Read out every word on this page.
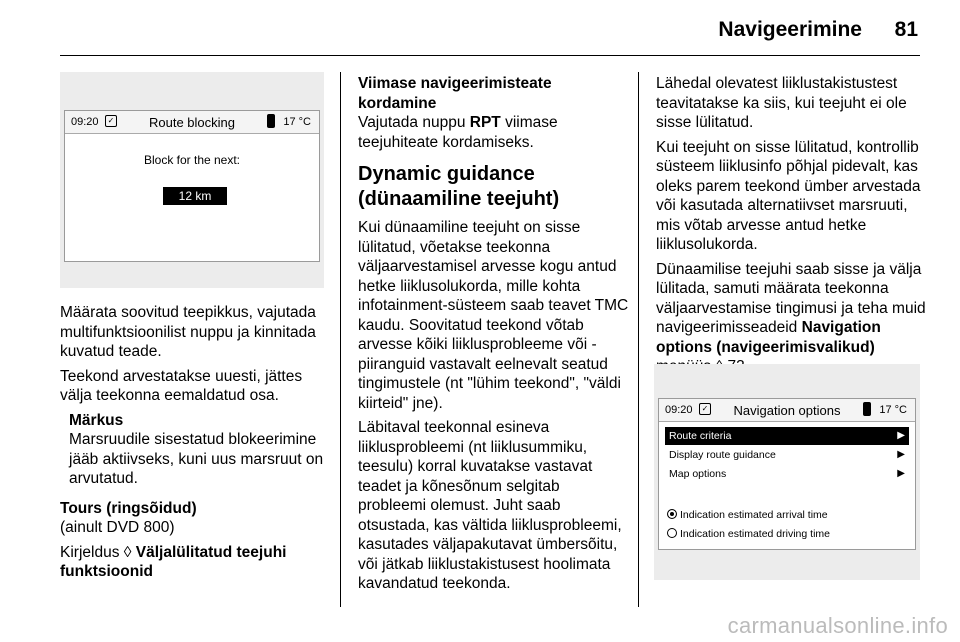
Navigeerimine 81
09:20	✓	Route blocking	17 °C
Block for the next:
12 km

Määrata soovitud teepikkus, vajutada multifunktsioonilist nuppu ja kinnitada kuvatud teade.

Teekond arvestatakse uuesti, jättes välja teekonna eemaldatud osa.

Märkus
Marsruudile sisestatud blokeerimine jääb aktiivseks, kuni uus marsruut on arvutatud.
Tours (ringsõidud)

(ainult DVD 800)

Kirjeldus ◊ Väljalülitatud teejuhi funktsioonid

Viimase navigeerimisteate kordamine

Vajutada nuppu RPT viimase teejuhiteate kordamiseks.

Dynamic guidance (dünaamiline teejuht)

Kui dünaamiline teejuht on sisse lülitatud, võetakse teekonna väljaarvestamisel arvesse kogu antud hetke liiklusolukorda, mille kohta infotainment-süsteem saab teavet TMC kaudu. Soovitatud teekond võtab arvesse kõiki liiklusprobleeme või -piiranguid vastavalt eelnevalt seatud tingimustele (nt "lühim teekond", "väldi kiirteid" jne).

Läbitaval teekonnal esineva liiklusprobleemi (nt liiklusummiku, teesulu) korral kuvatakse vastavat teadet ja kõnesõnum selgitab probleemi olemust. Juht saab otsustada, kas vältida liiklusprobleemi, kasutades väljapakutavat ümbersõitu, või jätkab liiklustakistusest hoolimata kavandatud teekonda.

Lähedal olevatest liiklustakistustest teavitatakse ka siis, kui teejuht ei ole sisse lülitatud.

Kui teejuht on sisse lülitatud, kontrollib süsteem liiklusinfo põhjal pidevalt, kas oleks parem teekond ümber arvestada või kasutada alternatiivset marsruuti, mis võtab arvesse antud hetke liiklusolukorda.

Dünaamilise teejuhi saab sisse ja välja lülitada, samuti määrata teekonna väljaarvestamise tingimusi ja teha muid navigeerimisseadeid Navigation options (navigeerimisvalikud)

09:20	✓	Navigation options	17 °C
Route criteria	▶
Display route guidance	▶
Map options	▶
Indication estimated arrival time
Indication estimated driving time
carmanualsonline.info
